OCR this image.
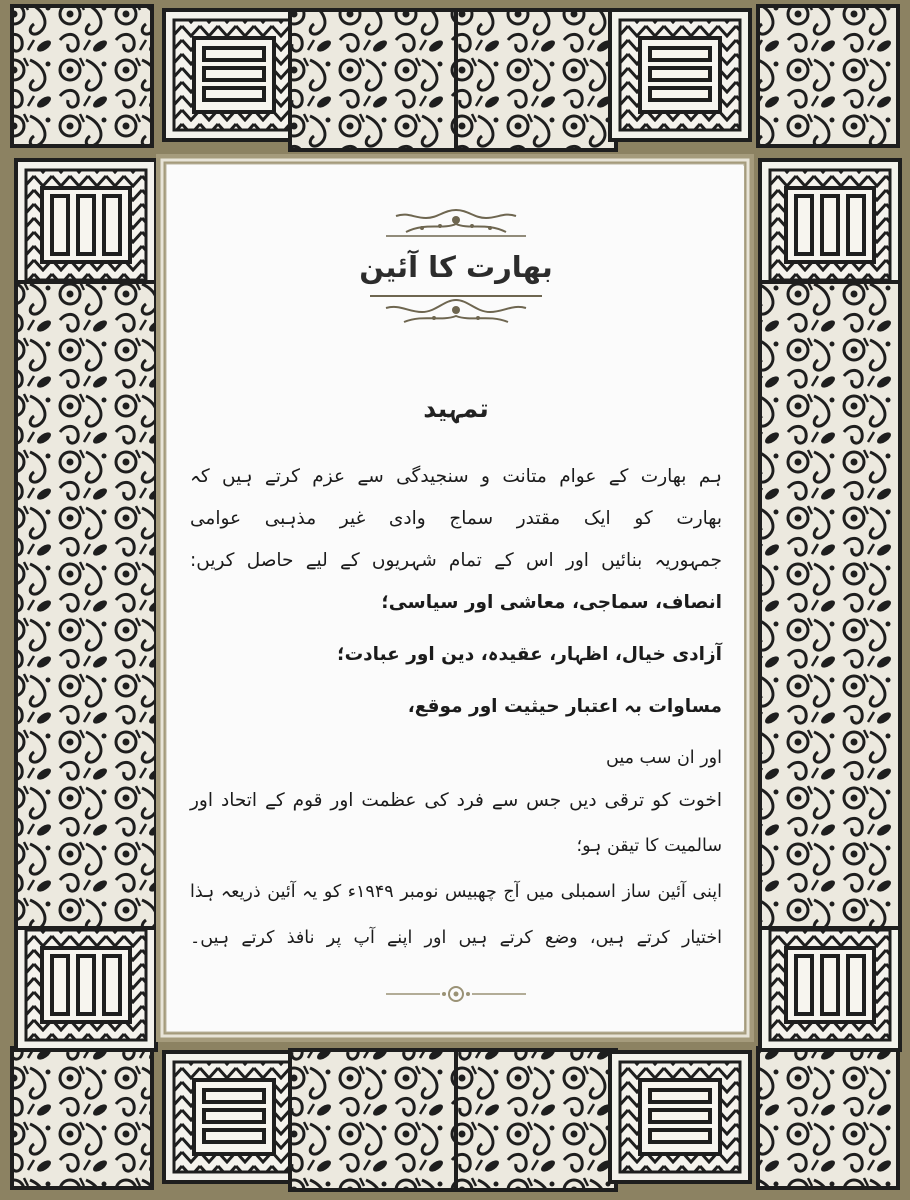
بھارت کا آئین
تمہید
ہم بھارت کے عوام متانت و سنجیدگی سے عزم کرتے ہیں کہ
بھارت کو ایک مقتدر سماج وادی غیر مذہبی عوامی
جمہوریہ بنائیں اور اس کے تمام شہریوں کے لیے حاصل کریں:
انصاف، سماجی، معاشی اور سیاسی؛
آزادی خیال، اظہار، عقیدہ، دین اور عبادت؛
مساوات بہ اعتبار حیثیت اور موقع،
اور ان سب میں
اخوت کو ترقی دیں جس سے فرد کی عظمت اور قوم کے اتحاد اور
سالمیت کا تیقن ہو؛
اپنی آئین ساز اسمبلی میں آج چھبیس نومبر ۱۹۴۹ء کو یہ آئین ذریعہ ہذا
اختیار کرتے ہیں، وضع کرتے ہیں اور اپنے آپ پر نافذ کرتے ہیں۔
